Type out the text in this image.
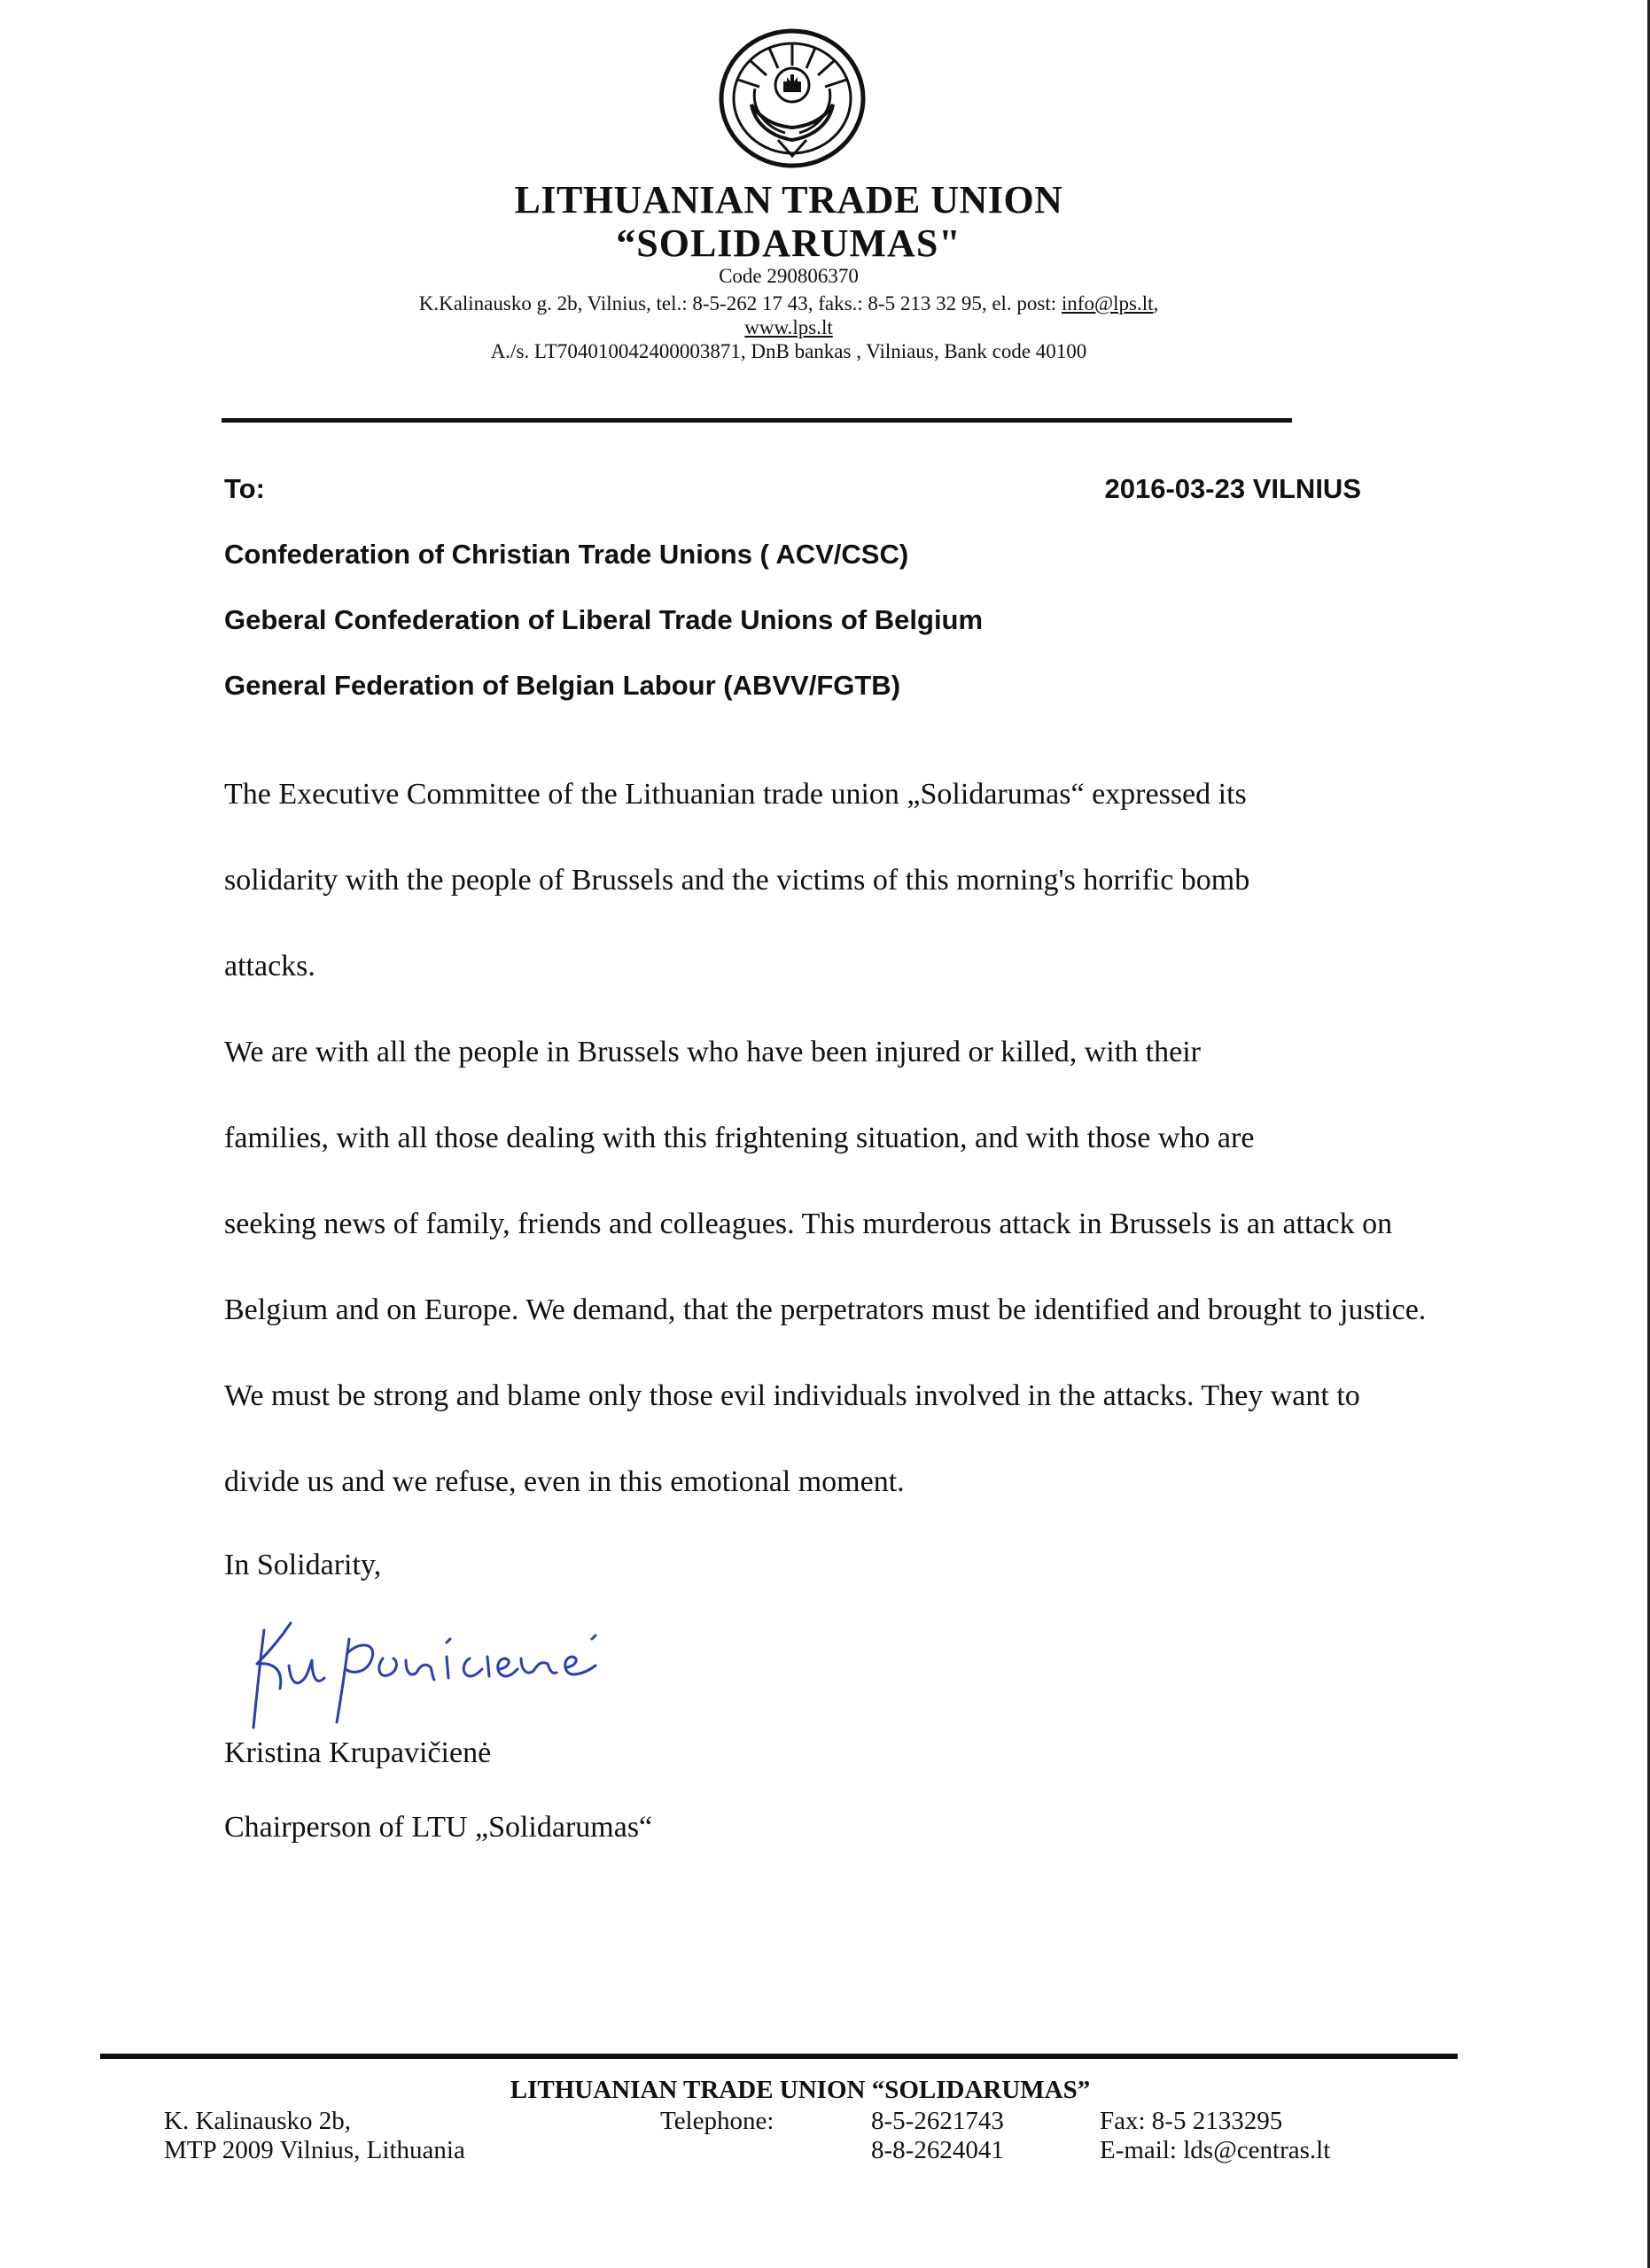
LITHUANIAN TRADE UNION
“SOLIDARUMAS"
Code 290806370
K.Kalinausko g. 2b, Vilnius, tel.: 8-5-262 17 43, faks.: 8-5 213 32 95, el. post: info@lps.lt,
www.lps.lt
A./s. LT704010042400003871, DnB bankas , Vilniaus, Bank code 40100
To:	2016-03-23 VILNIUS
Confederation of Christian Trade Unions ( ACV/CSC)
Geberal Confederation of Liberal Trade Unions of Belgium
General Federation of Belgian Labour (ABVV/FGTB)
The Executive Committee of the Lithuanian trade union „Solidarumas“ expressed its
solidarity with the people of Brussels and the victims of this morning's horrific bomb
attacks.
We are with all the people in Brussels who have been injured or killed, with their
families, with all those dealing with this frightening situation, and with those who are
seeking news of family, friends and colleagues. This murderous attack in Brussels is an attack on
Belgium and on Europe. We demand, that the perpetrators must be identified and brought to justice.
We must be strong and blame only those evil individuals involved in the attacks. They want to
divide us and we refuse, even in this emotional moment.
In Solidarity,
Kristina Krupavičienė
Chairperson of LTU „Solidarumas“
LITHUANIAN TRADE UNION “SOLIDARUMAS”
K. Kalinausko 2b,
MTP 2009 Vilnius, Lithuania
Telephone:	8-5-2621743
8-8-2624041
Fax: 8-5 2133295
E-mail: lds@centras.lt
